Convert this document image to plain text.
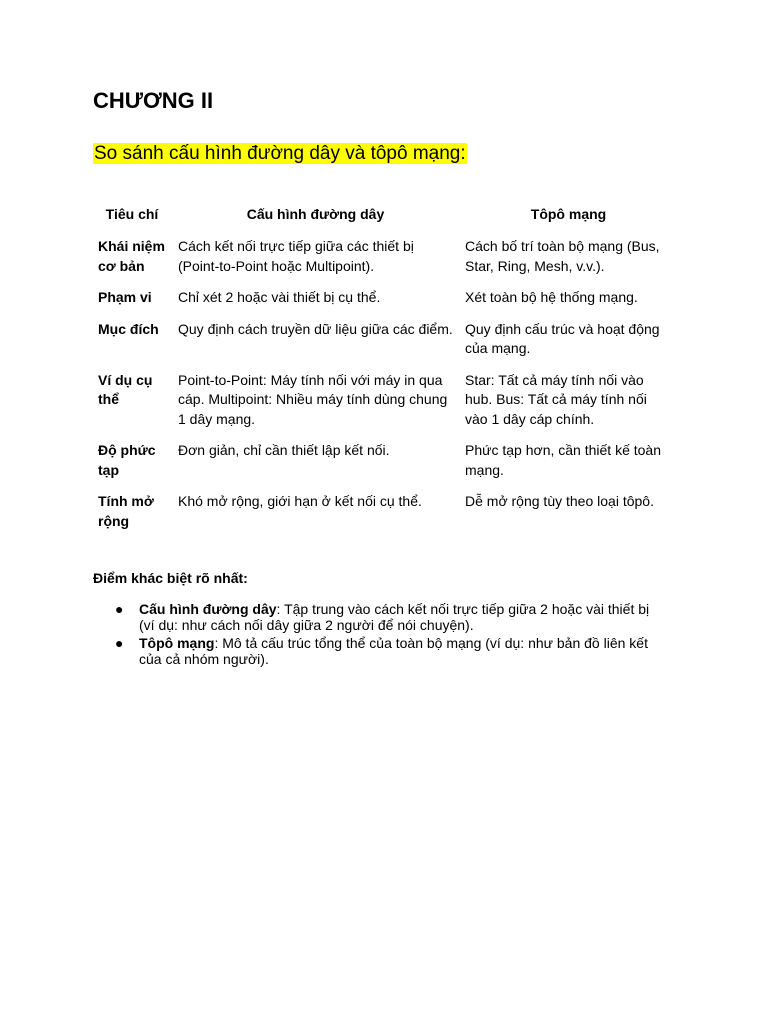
CHƯƠNG II
So sánh cấu hình đường dây và tôpô mạng:
Tiêu chí	Cấu hình đường dây	Tôpô mạng
Khái niệm cơ bản	Cách kết nối trực tiếp giữa các thiết bị (Point-to-Point hoặc Multipoint).	Cách bố trí toàn bộ mạng (Bus, Star, Ring, Mesh, v.v.).
Phạm vi	Chỉ xét 2 hoặc vài thiết bị cụ thể.	Xét toàn bộ hệ thống mạng.
Mục đích	Quy định cách truyền dữ liệu giữa các điểm.	Quy định cấu trúc và hoạt động của mạng.
Ví dụ cụ thể	Point-to-Point: Máy tính nối với máy in qua cáp. Multipoint: Nhiều máy tính dùng chung 1 dây mạng.	Star: Tất cả máy tính nối vào hub. Bus: Tất cả máy tính nối vào 1 dây cáp chính.
Độ phức tạp	Đơn giản, chỉ cần thiết lập kết nối.	Phức tạp hơn, cần thiết kế toàn mạng.
Tính mở rộng	Khó mở rộng, giới hạn ở kết nối cụ thể.	Dễ mở rộng tùy theo loại tôpô.

Điểm khác biệt rõ nhất:

● Cấu hình đường dây: Tập trung vào cách kết nối trực tiếp giữa 2 hoặc vài thiết bị (ví dụ: như cách nối dây giữa 2 người để nói chuyện).
● Tôpô mạng: Mô tả cấu trúc tổng thể của toàn bộ mạng (ví dụ: như bản đồ liên kết của cả nhóm người).
